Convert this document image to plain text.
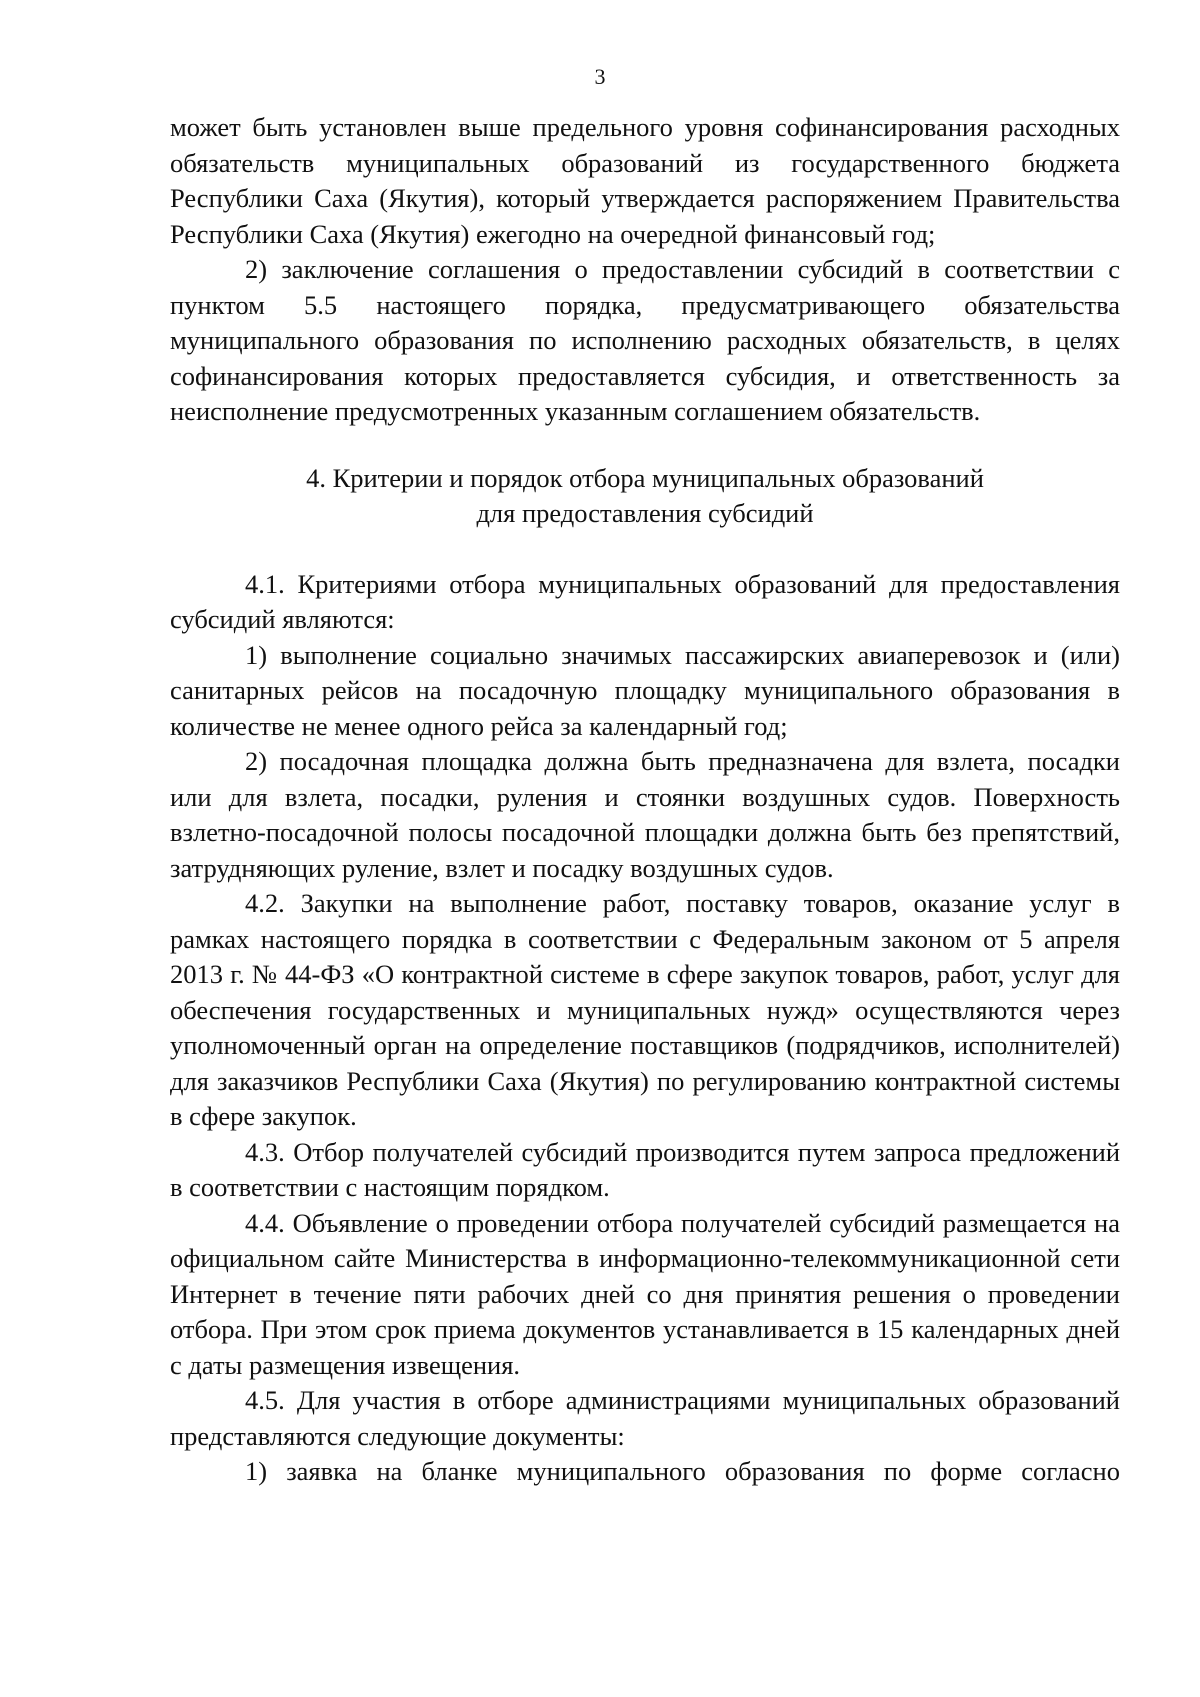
3

может быть установлен выше предельного уровня софинансирования расходных обязательств муниципальных образований из государственного бюджета Республики Саха (Якутия), который утверждается распоряжением Правительства Республики Саха (Якутия) ежегодно на очередной финансовый год;

2) заключение соглашения о предоставлении субсидий в соответствии с пунктом 5.5 настоящего порядка, предусматривающего обязательства муниципального образования по исполнению расходных обязательств, в целях софинансирования которых предоставляется субсидия, и ответственность за неисполнение предусмотренных указанным соглашением обязательств.

4. Критерии и порядок отбора муниципальных образований
для предоставления субсидий

4.1. Критериями отбора муниципальных образований для предоставления субсидий являются:

1) выполнение социально значимых пассажирских авиаперевозок и (или) санитарных рейсов на посадочную площадку муниципального образования в количестве не менее одного рейса за календарный год;

2) посадочная площадка должна быть предназначена для взлета, посадки или для взлета, посадки, руления и стоянки воздушных судов. Поверхность взлетно-посадочной полосы посадочной площадки должна быть без препятствий, затрудняющих руление, взлет и посадку воздушных судов.

4.2. Закупки на выполнение работ, поставку товаров, оказание услуг в рамках настоящего порядка в соответствии с Федеральным законом от 5 апреля 2013 г. № 44-ФЗ «О контрактной системе в сфере закупок товаров, работ, услуг для обеспечения государственных и муниципальных нужд» осуществляются через уполномоченный орган на определение поставщиков (подрядчиков, исполнителей) для заказчиков Республики Саха (Якутия) по регулированию контрактной системы в сфере закупок.

4.3. Отбор получателей субсидий производится путем запроса предложений в соответствии с настоящим порядком.

4.4. Объявление о проведении отбора получателей субсидий размещается на официальном сайте Министерства в информационно-телекоммуникационной сети Интернет в течение пяти рабочих дней со дня принятия решения о проведении отбора. При этом срок приема документов устанавливается в 15 календарных дней с даты размещения извещения.

4.5. Для участия в отборе администрациями муниципальных образований представляются следующие документы:

1) заявка на бланке муниципального образования по форме согласно
